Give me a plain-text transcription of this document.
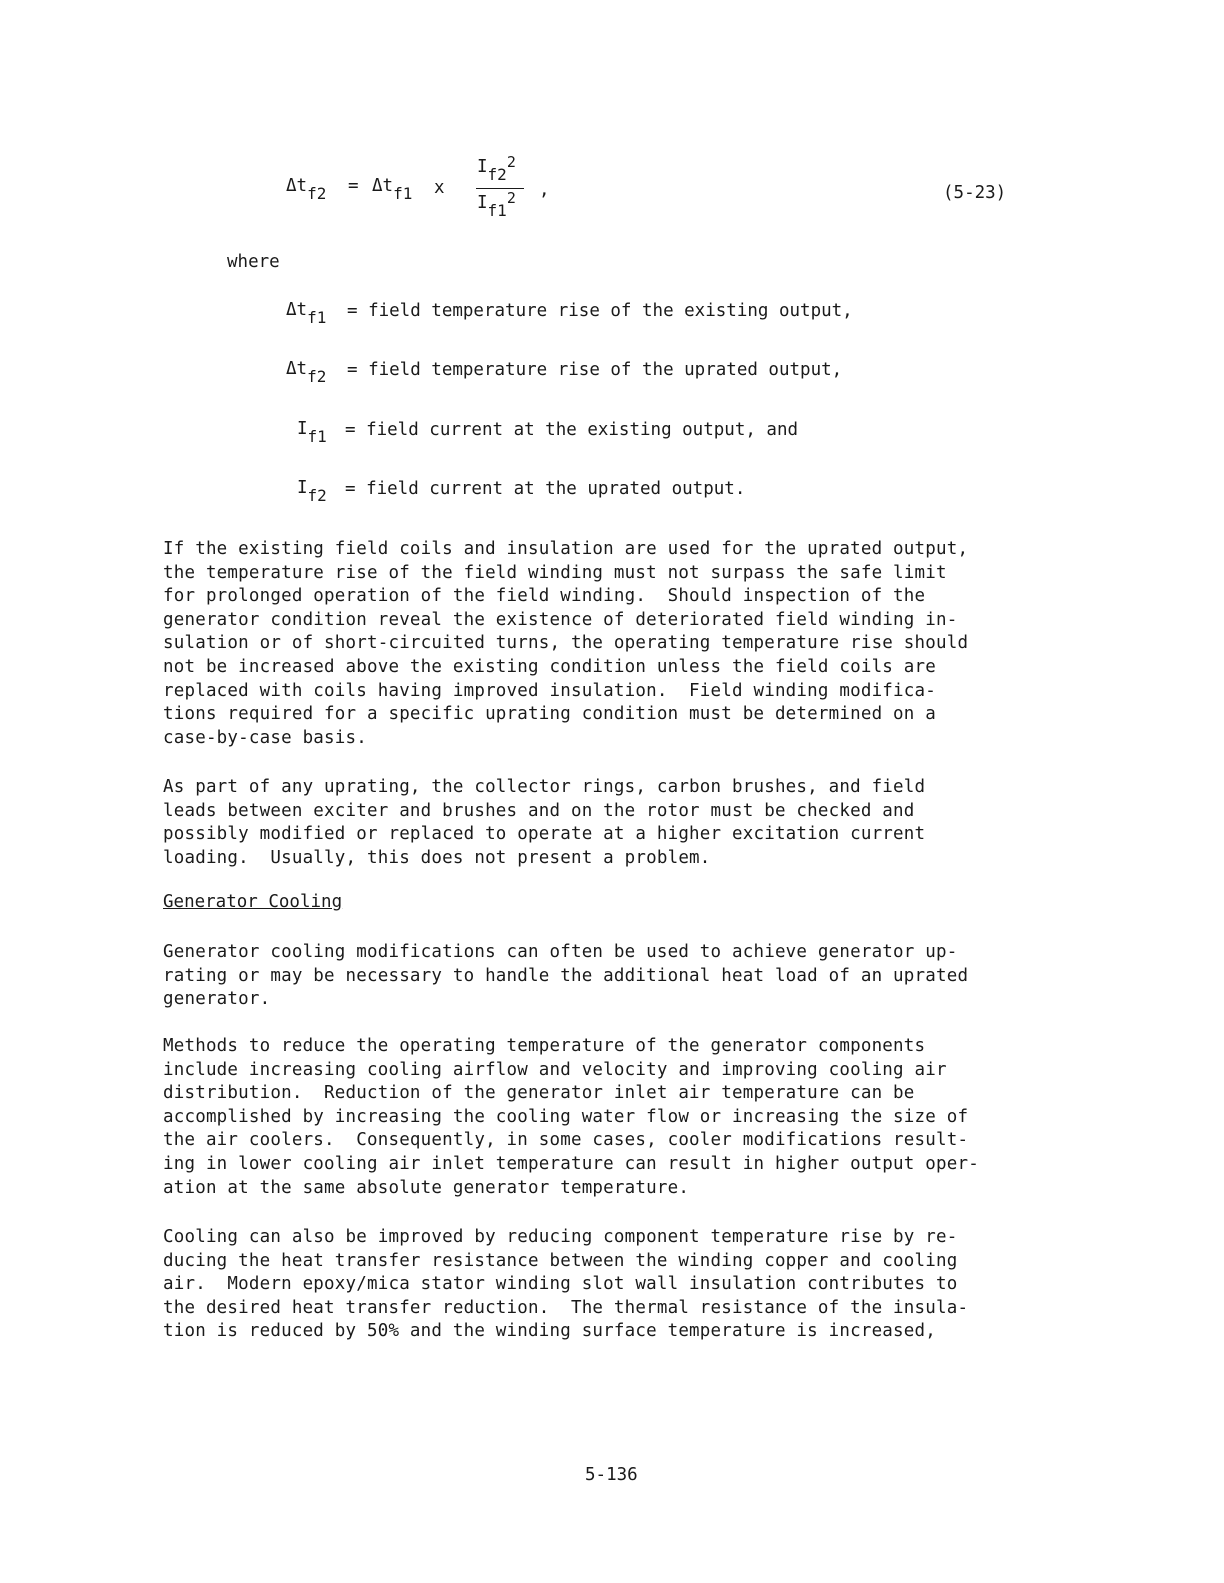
Δtf2 = Δtf1 x
If22
If12 ,	(5-23)
where
Δtf1 = field temperature rise of the existing output,
Δtf2 = field temperature rise of the uprated output,
If1 = field current at the existing output, and
If2 = field current at the uprated output.
If the existing field coils and insulation are used for the uprated output,
the temperature rise of the field winding must not surpass the safe limit
for prolonged operation of the field winding.  Should inspection of the
generator condition reveal the existence of deteriorated field winding in-
sulation or of short-circuited turns, the operating temperature rise should
not be increased above the existing condition unless the field coils are
replaced with coils having improved insulation.  Field winding modifica-
tions required for a specific uprating condition must be determined on a
case-by-case basis.
As part of any uprating, the collector rings, carbon brushes, and field
leads between exciter and brushes and on the rotor must be checked and
possibly modified or replaced to operate at a higher excitation current
loading.  Usually, this does not present a problem.
Generator Cooling
Generator cooling modifications can often be used to achieve generator up-
rating or may be necessary to handle the additional heat load of an uprated
generator.
Methods to reduce the operating temperature of the generator components
include increasing cooling airflow and velocity and improving cooling air
distribution.  Reduction of the generator inlet air temperature can be
accomplished by increasing the cooling water flow or increasing the size of
the air coolers.  Consequently, in some cases, cooler modifications result-
ing in lower cooling air inlet temperature can result in higher output oper-
ation at the same absolute generator temperature.
Cooling can also be improved by reducing component temperature rise by re-
ducing the heat transfer resistance between the winding copper and cooling
air.  Modern epoxy/mica stator winding slot wall insulation contributes to
the desired heat transfer reduction.  The thermal resistance of the insula-
tion is reduced by 50% and the winding surface temperature is increased,
5-136
